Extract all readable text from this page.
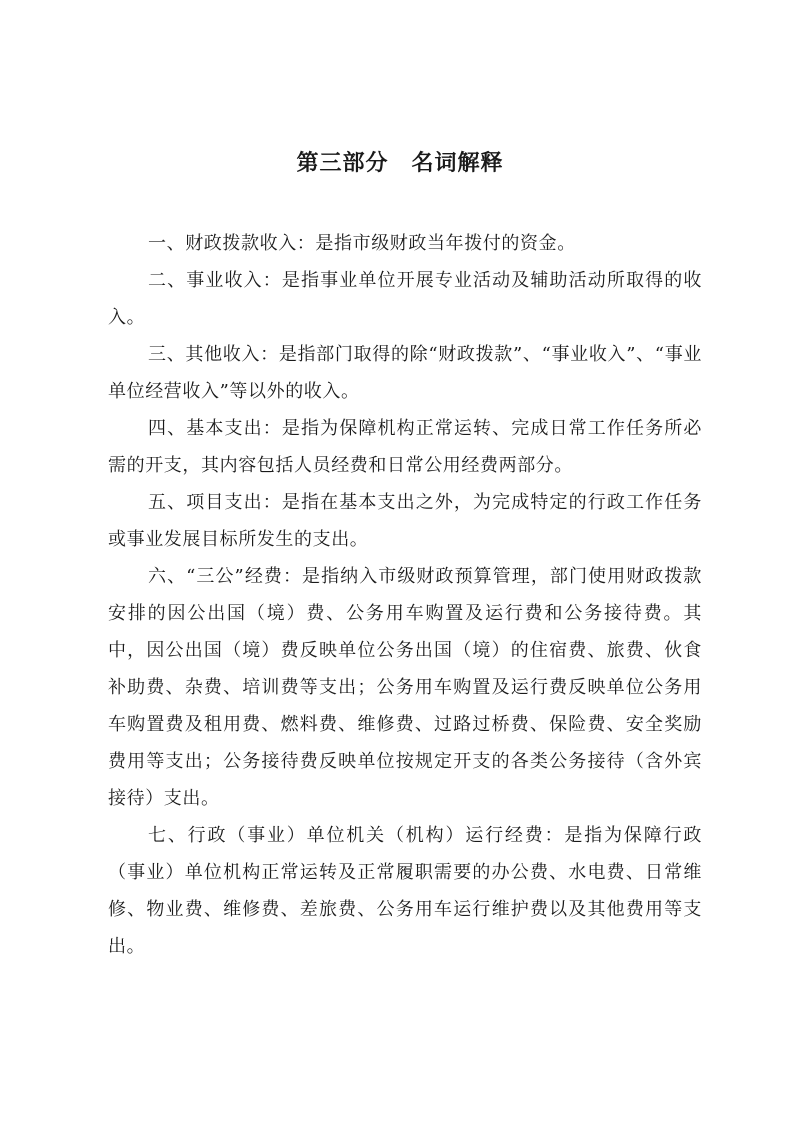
第三部分　名词解释

一、财政拨款收入：是指市级财政当年拨付的资金。

二、事业收入：是指事业单位开展专业活动及辅助活动所取得的收入。

三、其他收入：是指部门取得的除“财政拨款”、“事业收入”、“事业单位经营收入”等以外的收入。

四、基本支出：是指为保障机构正常运转、完成日常工作任务所必需的开支，其内容包括人员经费和日常公用经费两部分。

五、项目支出：是指在基本支出之外，为完成特定的行政工作任务或事业发展目标所发生的支出。

六、“三公”经费：是指纳入市级财政预算管理，部门使用财政拨款安排的因公出国（境）费、公务用车购置及运行费和公务接待费。其中，因公出国（境）费反映单位公务出国（境）的住宿费、旅费、伙食补助费、杂费、培训费等支出；公务用车购置及运行费反映单位公务用车购置费及租用费、燃料费、维修费、过路过桥费、保险费、安全奖励费用等支出；公务接待费反映单位按规定开支的各类公务接待（含外宾接待）支出。

七、行政（事业）单位机关（机构）运行经费：是指为保障行政（事业）单位机构正常运转及正常履职需要的办公费、水电费、日常维修、物业费、维修费、差旅费、公务用车运行维护费以及其他费用等支出。
